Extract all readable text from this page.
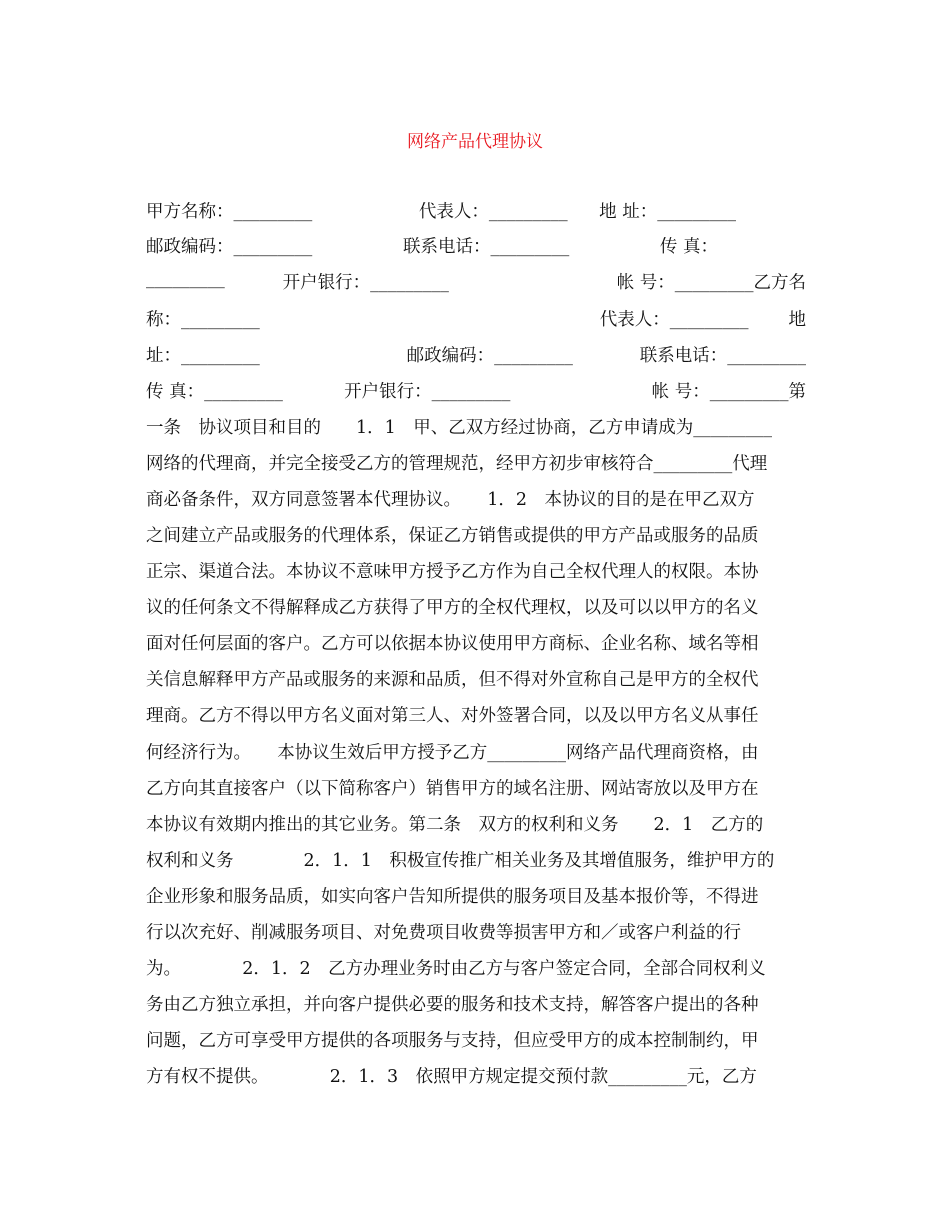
网络产品代理协议
甲方名称：_________	代表人：_________ 地 址：_________
邮政编码：_________	联系电话：_________	传 真：
_________	开户银行：_________	帐 号：_________乙方名
称：_________	代表人：_________ 地
址：_________	邮政编码：_________	联系电话：_________
传 真：_________	开户银行：_________	帐 号：_________第
一条　协议项目和目的　　1．1　甲、乙双方经过协商，乙方申请成为_________
网络的代理商，并完全接受乙方的管理规范，经甲方初步审核符合_________代理
商必备条件，双方同意签署本代理协议。　　1．2　本协议的目的是在甲乙双方
之间建立产品或服务的代理体系，保证乙方销售或提供的甲方产品或服务的品质
正宗、渠道合法。本协议不意味甲方授予乙方作为自己全权代理人的权限。本协
议的任何条文不得解释成乙方获得了甲方的全权代理权，以及可以以甲方的名义
面对任何层面的客户。乙方可以依据本协议使用甲方商标、企业名称、域名等相
关信息解释甲方产品或服务的来源和品质，但不得对外宣称自己是甲方的全权代
理商。乙方不得以甲方名义面对第三人、对外签署合同，以及以甲方名义从事任
何经济行为。　　本协议生效后甲方授予乙方_________网络产品代理商资格，由
乙方向其直接客户（以下简称客户）销售甲方的域名注册、网站寄放以及甲方在
本协议有效期内推出的其它业务。第二条　双方的权利和义务　　2．1　乙方的
权利和义务　　　　2．1．1　积极宣传推广相关业务及其增值服务，维护甲方的
企业形象和服务品质，如实向客户告知所提供的服务项目及基本报价等，不得进
行以次充好、削减服务项目、对免费项目收费等损害甲方和／或客户利益的行
为。　　　　2．1．2　乙方办理业务时由乙方与客户签定合同，全部合同权利义
务由乙方独立承担，并向客户提供必要的服务和技术支持，解答客户提出的各种
问题，乙方可享受甲方提供的各项服务与支持，但应受甲方的成本控制制约，甲
方有权不提供。　　　　2．1．3　依照甲方规定提交预付款_________元，乙方
